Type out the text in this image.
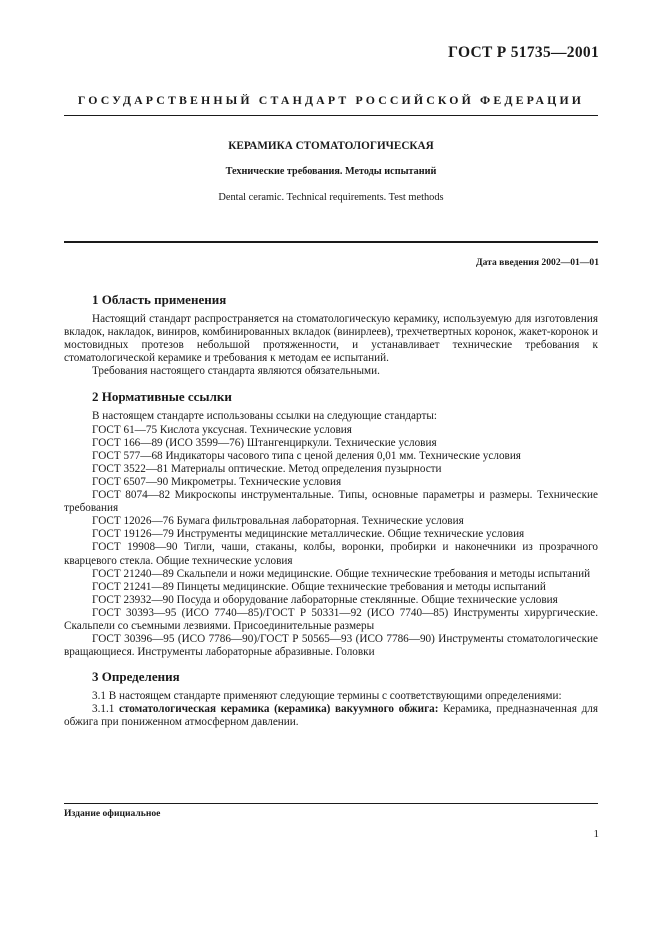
ГОСТ Р 51735—2001
ГОСУДАРСТВЕННЫЙ СТАНДАРТ РОССИЙСКОЙ ФЕДЕРАЦИИ
КЕРАМИКА СТОМАТОЛОГИЧЕСКАЯ
Технические требования. Методы испытаний
Dental ceramic. Technical requirements. Test methods
Дата введения 2002—01—01
1 Область применения

Настоящий стандарт распространяется на стоматологическую керамику, используемую для изготовления вкладок, накладок, виниров, комбинированных вкладок (винирлеев), трехчетвертных коронок, жакет-коронок и мостовидных протезов небольшой протяженности, и устанавливает технические требования к стоматологической керамике и требования к методам ее испытаний.

Требования настоящего стандарта являются обязательными.

2 Нормативные ссылки

В настоящем стандарте использованы ссылки на следующие стандарты:

ГОСТ 61—75 Кислота уксусная. Технические условия

ГОСТ 166—89 (ИСО 3599—76) Штангенциркули. Технические условия

ГОСТ 577—68 Индикаторы часового типа с ценой деления 0,01 мм. Технические условия

ГОСТ 3522—81 Материалы оптические. Метод определения пузырности

ГОСТ 6507—90 Микрометры. Технические условия

ГОСТ 8074—82 Микроскопы инструментальные. Типы, основные параметры и размеры. Технические требования

ГОСТ 12026—76 Бумага фильтровальная лабораторная. Технические условия

ГОСТ 19126—79 Инструменты медицинские металлические. Общие технические условия

ГОСТ 19908—90 Тигли, чаши, стаканы, колбы, воронки, пробирки и наконечники из прозрачного кварцевого стекла. Общие технические условия

ГОСТ 21240—89 Скальпели и ножи медицинские. Общие технические требования и методы испытаний

ГОСТ 21241—89 Пинцеты медицинские. Общие технические требования и методы испытаний

ГОСТ 23932—90 Посуда и оборудование лабораторные стеклянные. Общие технические условия

ГОСТ 30393—95 (ИСО 7740—85)/ГОСТ Р 50331—92 (ИСО 7740—85) Инструменты хирургические. Скальпели со съемными лезвиями. Присоединительные размеры

ГОСТ 30396—95 (ИСО 7786—90)/ГОСТ Р 50565—93 (ИСО 7786—90) Инструменты стоматологические вращающиеся. Инструменты лабораторные абразивные. Головки

3 Определения

3.1 В настоящем стандарте применяют следующие термины с соответствующими определениями:

3.1.1 стоматологическая керамика (керамика) вакуумного обжига: Керамика, предназначенная для обжига при пониженном атмосферном давлении.

Издание официальное
1
